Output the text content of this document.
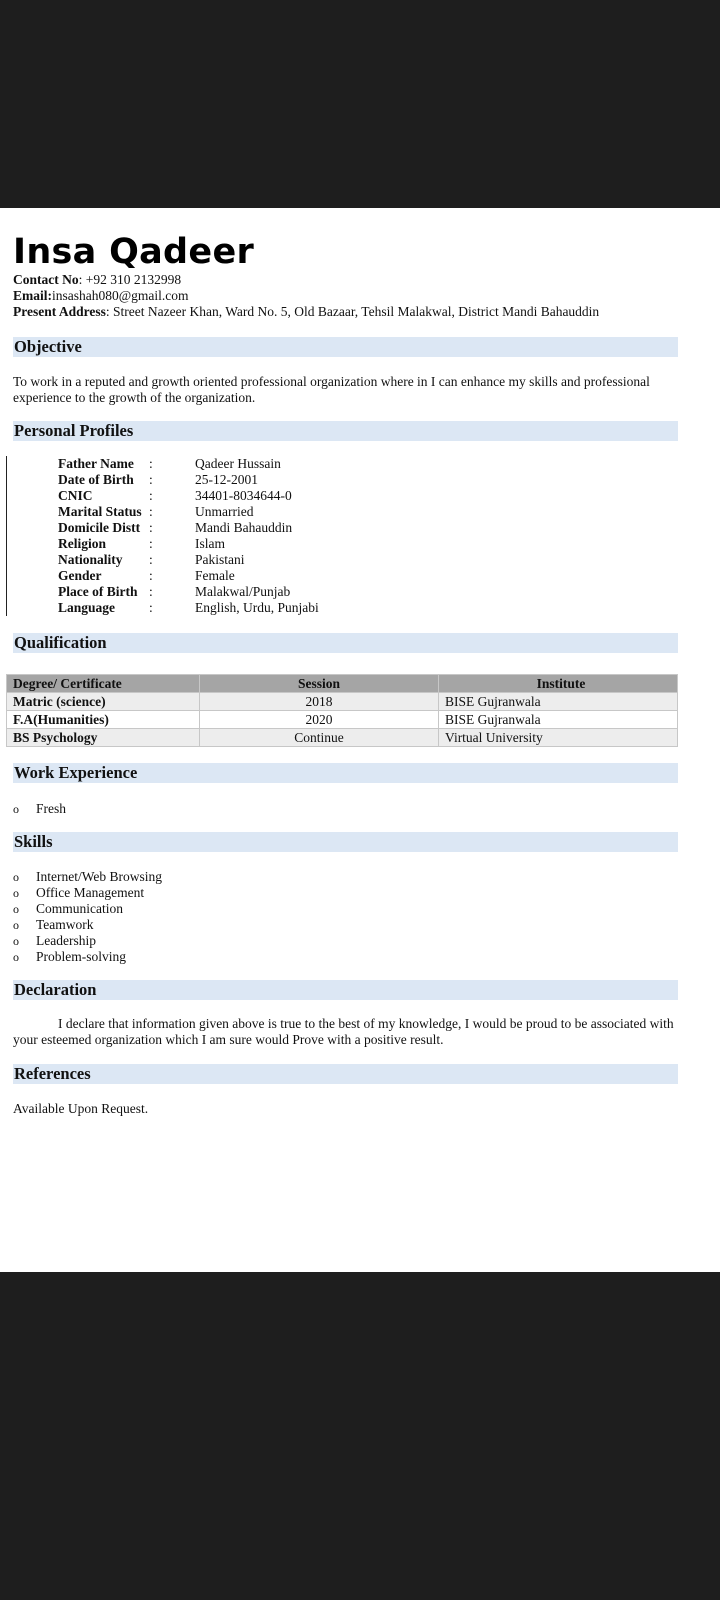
Insa Qadeer
Contact No: +92 310 2132998
Email:insashah080@gmail.com
Present Address: Street Nazeer Khan, Ward No. 5, Old Bazaar, Tehsil Malakwal, District Mandi Bahauddin
Objective
To work in a reputed and growth oriented professional organization where in I can enhance my skills and professional experience to the growth of the organization.
Personal Profiles
Father Name :	Qadeer Hussain
Date of Birth :	25-12-2001
CNIC	:	34401-8034644-0
Marital Status :	Unmarried
Domicile Distt :	Mandi Bahauddin
Religion	:	Islam
Nationality :	Pakistani
Gender	:	Female
Place of Birth :	Malakwal/Punjab
Language	:	English, Urdu, Punjabi
Qualification
Degree/ Certificate	Session	Institute
Matric (science)	2018	BISE Gujranwala
F.A(Humanities)	2020	BISE Gujranwala
BS Psychology	Continue	Virtual University
Work Experience
o Fresh
Skills
o Internet/Web Browsing
o Office Management
o Communication
o Teamwork
o Leadership
o Problem-solving
Declaration
I declare that information given above is true to the best of my knowledge, I would be proud to be associated with your esteemed organization which I am sure would Prove with a positive result.
References
Available Upon Request.
